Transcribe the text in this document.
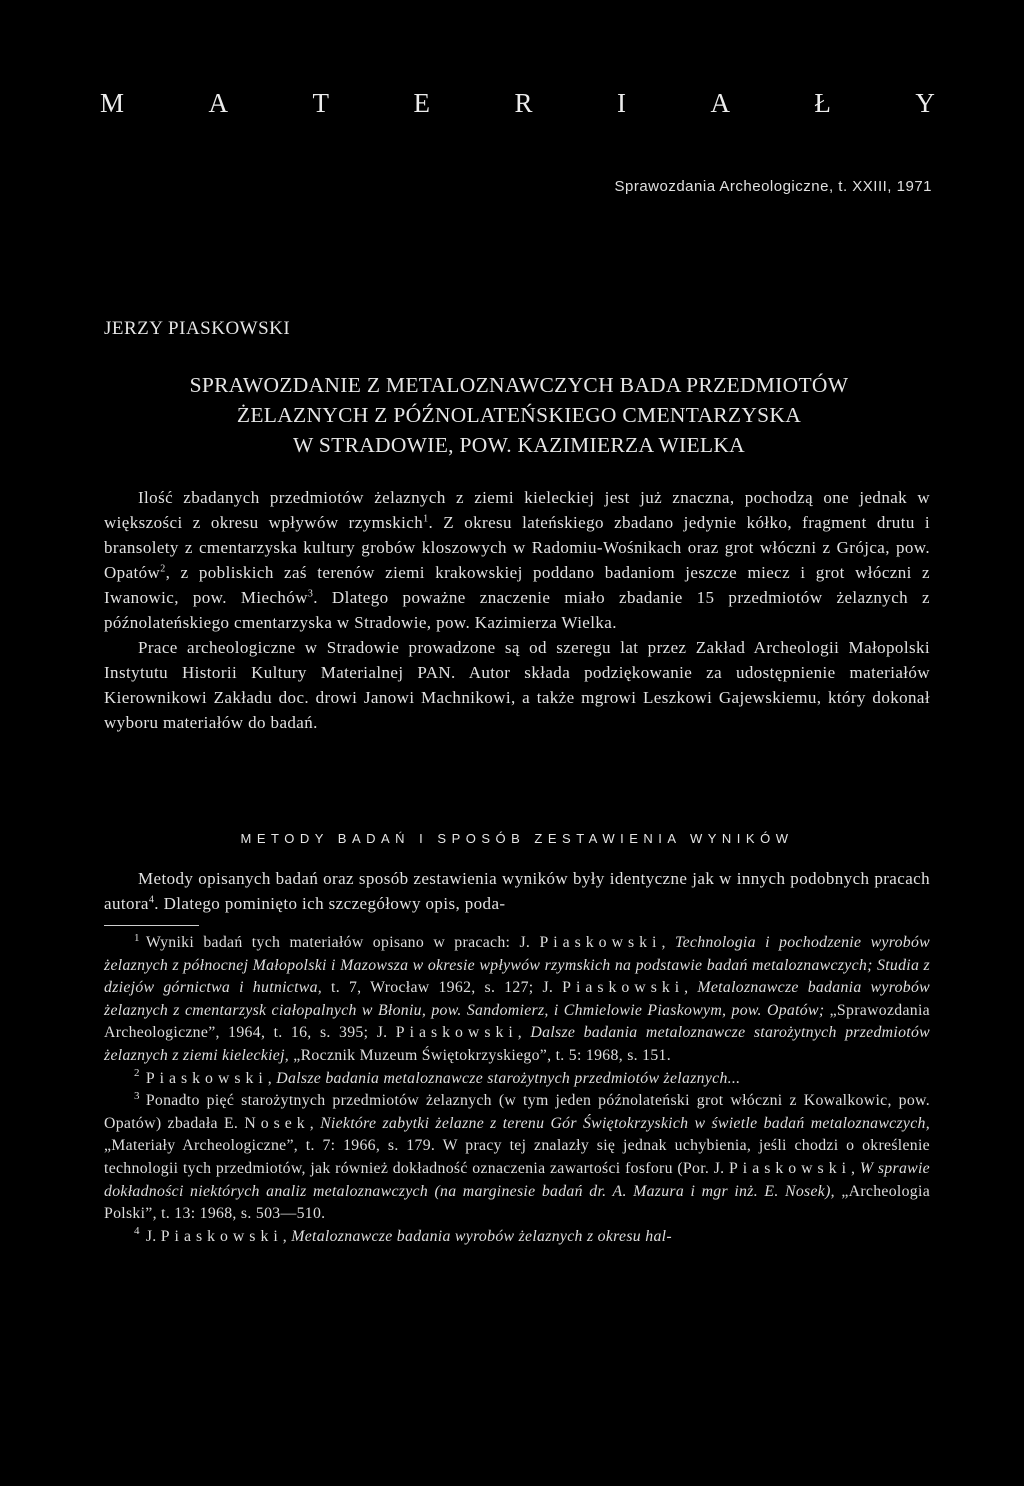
M	A	T	E	R	I	A	Ł	Y
Sprawozdania Archeologiczne, t. XXIII, 1971
JERZY PIASKOWSKI
SPRAWOZDANIE Z METALOZNAWCZYCH BADA PRZEDMIOTÓW
ŻELAZNYCH Z PÓŹNOLATEŃSKIEGO CMENTARZYSKA
W STRADOWIE, POW. KAZIMIERZA WIELKA

Ilość zbadanych przedmiotów żelaznych z ziemi kieleckiej jest już znaczna, pochodzą one jednak w większości z okresu wpływów rzymskich$^1$. Z okresu lateńskiego zbadano jedynie kółko, fragment drutu i bransolety z cmentarzyska kultury grobów kloszowych w Radomiu-Wośnikach oraz grot włóczni z Grójca, pow. Opatów$^2$, z pobliskich zaś terenów ziemi krakowskiej poddano badaniom jeszcze miecz i grot włóczni z Iwanowic, pow. Miechów$^3$. Dlatego poważne znaczenie miało zbadanie 15 przedmiotów żelaznych z późnolateńskiego cmentarzyska w Stradowie, pow. Kazimierza Wielka.

Prace archeologiczne w Stradowie prowadzone są od szeregu lat przez Zakład Archeologii Małopolski Instytutu Historii Kultury Materialnej PAN. Autor składa podziękowanie za udostępnienie materiałów Kierownikowi Zakładu doc. drowi Janowi Machnikowi, a także mgrowi Leszkowi Gajewskiemu, który dokonał wyboru materiałów do badań.

METODY BADAŃ I SPOSÓB ZESTAWIENIA WYNIKÓW

Metody opisanych badań oraz sposób zestawienia wyników były identyczne jak w innych podobnych pracach autora$^4$. Dlatego pominięto ich szczegółowy opis, poda-

$^1$ Wyniki badań tych materiałów opisano w pracach: J. Piaskowski, Technologia i pochodzenie wyrobów żelaznych z północnej Małopolski i Mazowsza w okresie wpływów rzymskich na podstawie badań metaloznawczych; Studia z dziejów górnictwa i hutnictwa, t. 7, Wrocław 1962, s. 127; J. Piaskowski, Metaloznawcze badania wyrobów żelaznych z cmentarzysk ciałopalnych w Błoniu, pow. Sandomierz, i Chmielowie Piaskowym, pow. Opatów; „Sprawozdania Archeologiczne”, 1964, t. 16, s. 395; J. Piaskowski, Dalsze badania metaloznawcze starożytnych przedmiotów żelaznych z ziemi kieleckiej, „Rocznik Muzeum Świętokrzyskiego”, t. 5: 1968, s. 151.

$^2$ Piaskowski, Dalsze badania metaloznawcze starożytnych przedmiotów żelaznych...

$^3$ Ponadto pięć starożytnych przedmiotów żelaznych (w tym jeden późnolateński grot włóczni z Kowalkowic, pow. Opatów) zbadała E. Nosek, Niektóre zabytki żelazne z terenu Gór Świętokrzyskich w świetle badań metaloznawczych, „Materiały Archeologiczne”, t. 7: 1966, s. 179. W pracy tej znalazły się jednak uchybienia, jeśli chodzi o określenie technologii tych przedmiotów, jak również dokładność oznaczenia zawartości fosforu (Por. J. Piaskowski, W sprawie dokładności niektórych analiz metaloznawczych (na marginesie badań dr. A. Mazura i mgr inż. E. Nosek), „Archeologia Polski”, t. 13: 1968, s. 503—510.

$^4$ J. Piaskowski, Metaloznawcze badania wyrobów żelaznych z okresu hal-
